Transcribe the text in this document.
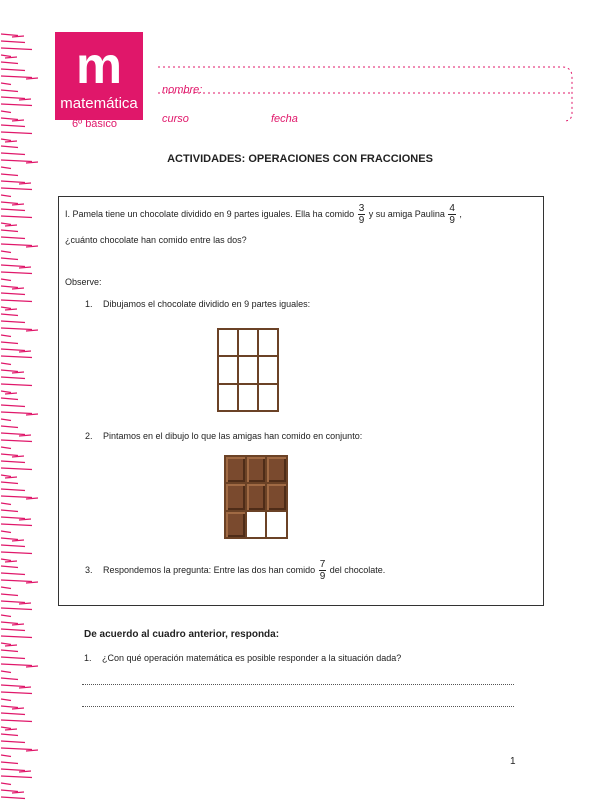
m
matemática
6º básico
nombre:
curso	fecha
ACTIVIDADES: OPERACIONES CON FRACCIONES
I. Pamela tiene un chocolate dividido en 9 partes iguales. Ella ha comido $\frac{3}{9}$ y su amiga Paulina $\frac{4}{9}$ ,
¿cuánto chocolate han comido entre las dos?
Observe:
1. Dibujamos el chocolate dividido en 9 partes iguales:
2. Pintamos en el dibujo lo que las amigas han comido en conjunto:
3. Respondemos la pregunta: Entre las dos han comido $\frac{7}{9}$ del chocolate.
De acuerdo al cuadro anterior, responda:
1. ¿Con qué operación matemática es posible responder a la situación dada?
1
